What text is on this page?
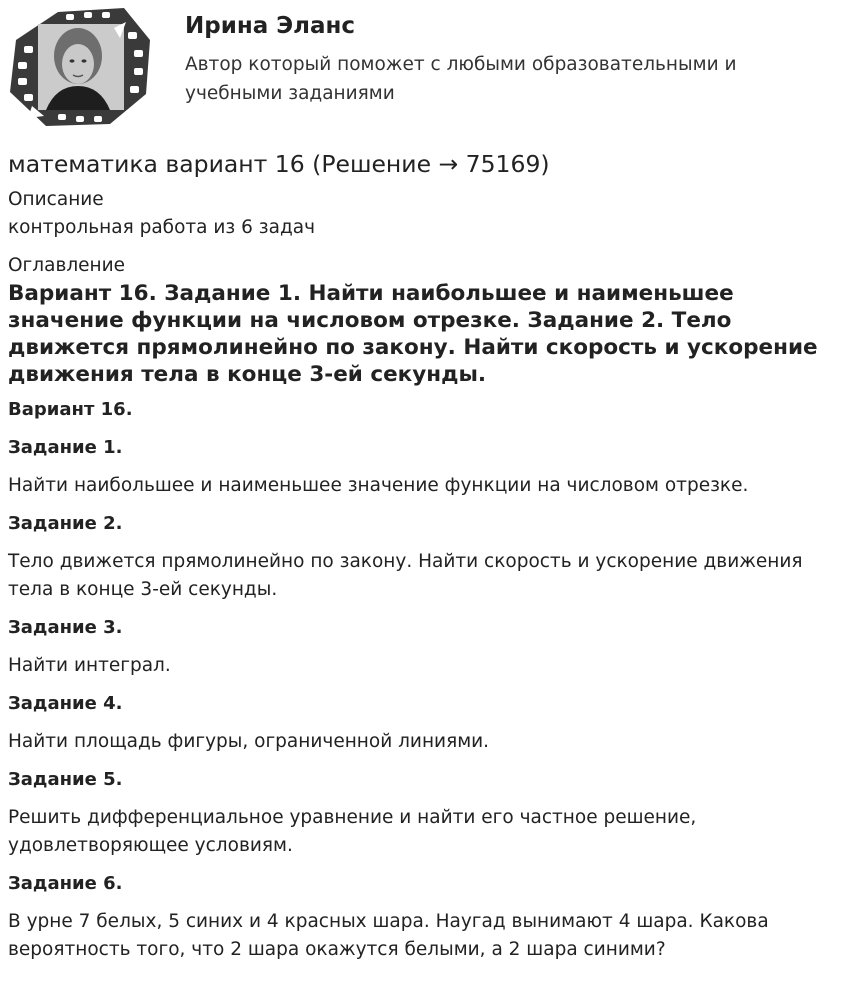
Ирина Эланс
Автор который поможет с любыми образовательными и учебными заданиями
математика вариант 16 (Решение → 75169)
Описание
контрольная работа из 6 задач
Оглавление
Вариант 16. Задание 1. Найти наибольшее и наименьшее значение функции на числовом отрезке. Задание 2. Тело движется прямолинейно по закону. Найти скорость и ускорение движения тела в конце 3-ей секунды.
Вариант 16.
Задание 1.
Найти наибольшее и наименьшее значение функции на числовом отрезке.
Задание 2.
Тело движется прямолинейно по закону. Найти скорость и ускорение движения тела в конце 3-ей секунды.
Задание 3.
Найти интеграл.
Задание 4.
Найти площадь фигуры, ограниченной линиями.
Задание 5.
Решить дифференциальное уравнение и найти его частное решение, удовлетворяющее условиям.
Задание 6.
В урне 7 белых, 5 синих и 4 красных шара. Наугад вынимают 4 шара. Какова вероятность того, что 2 шара окажутся белыми, а 2 шара синими?
